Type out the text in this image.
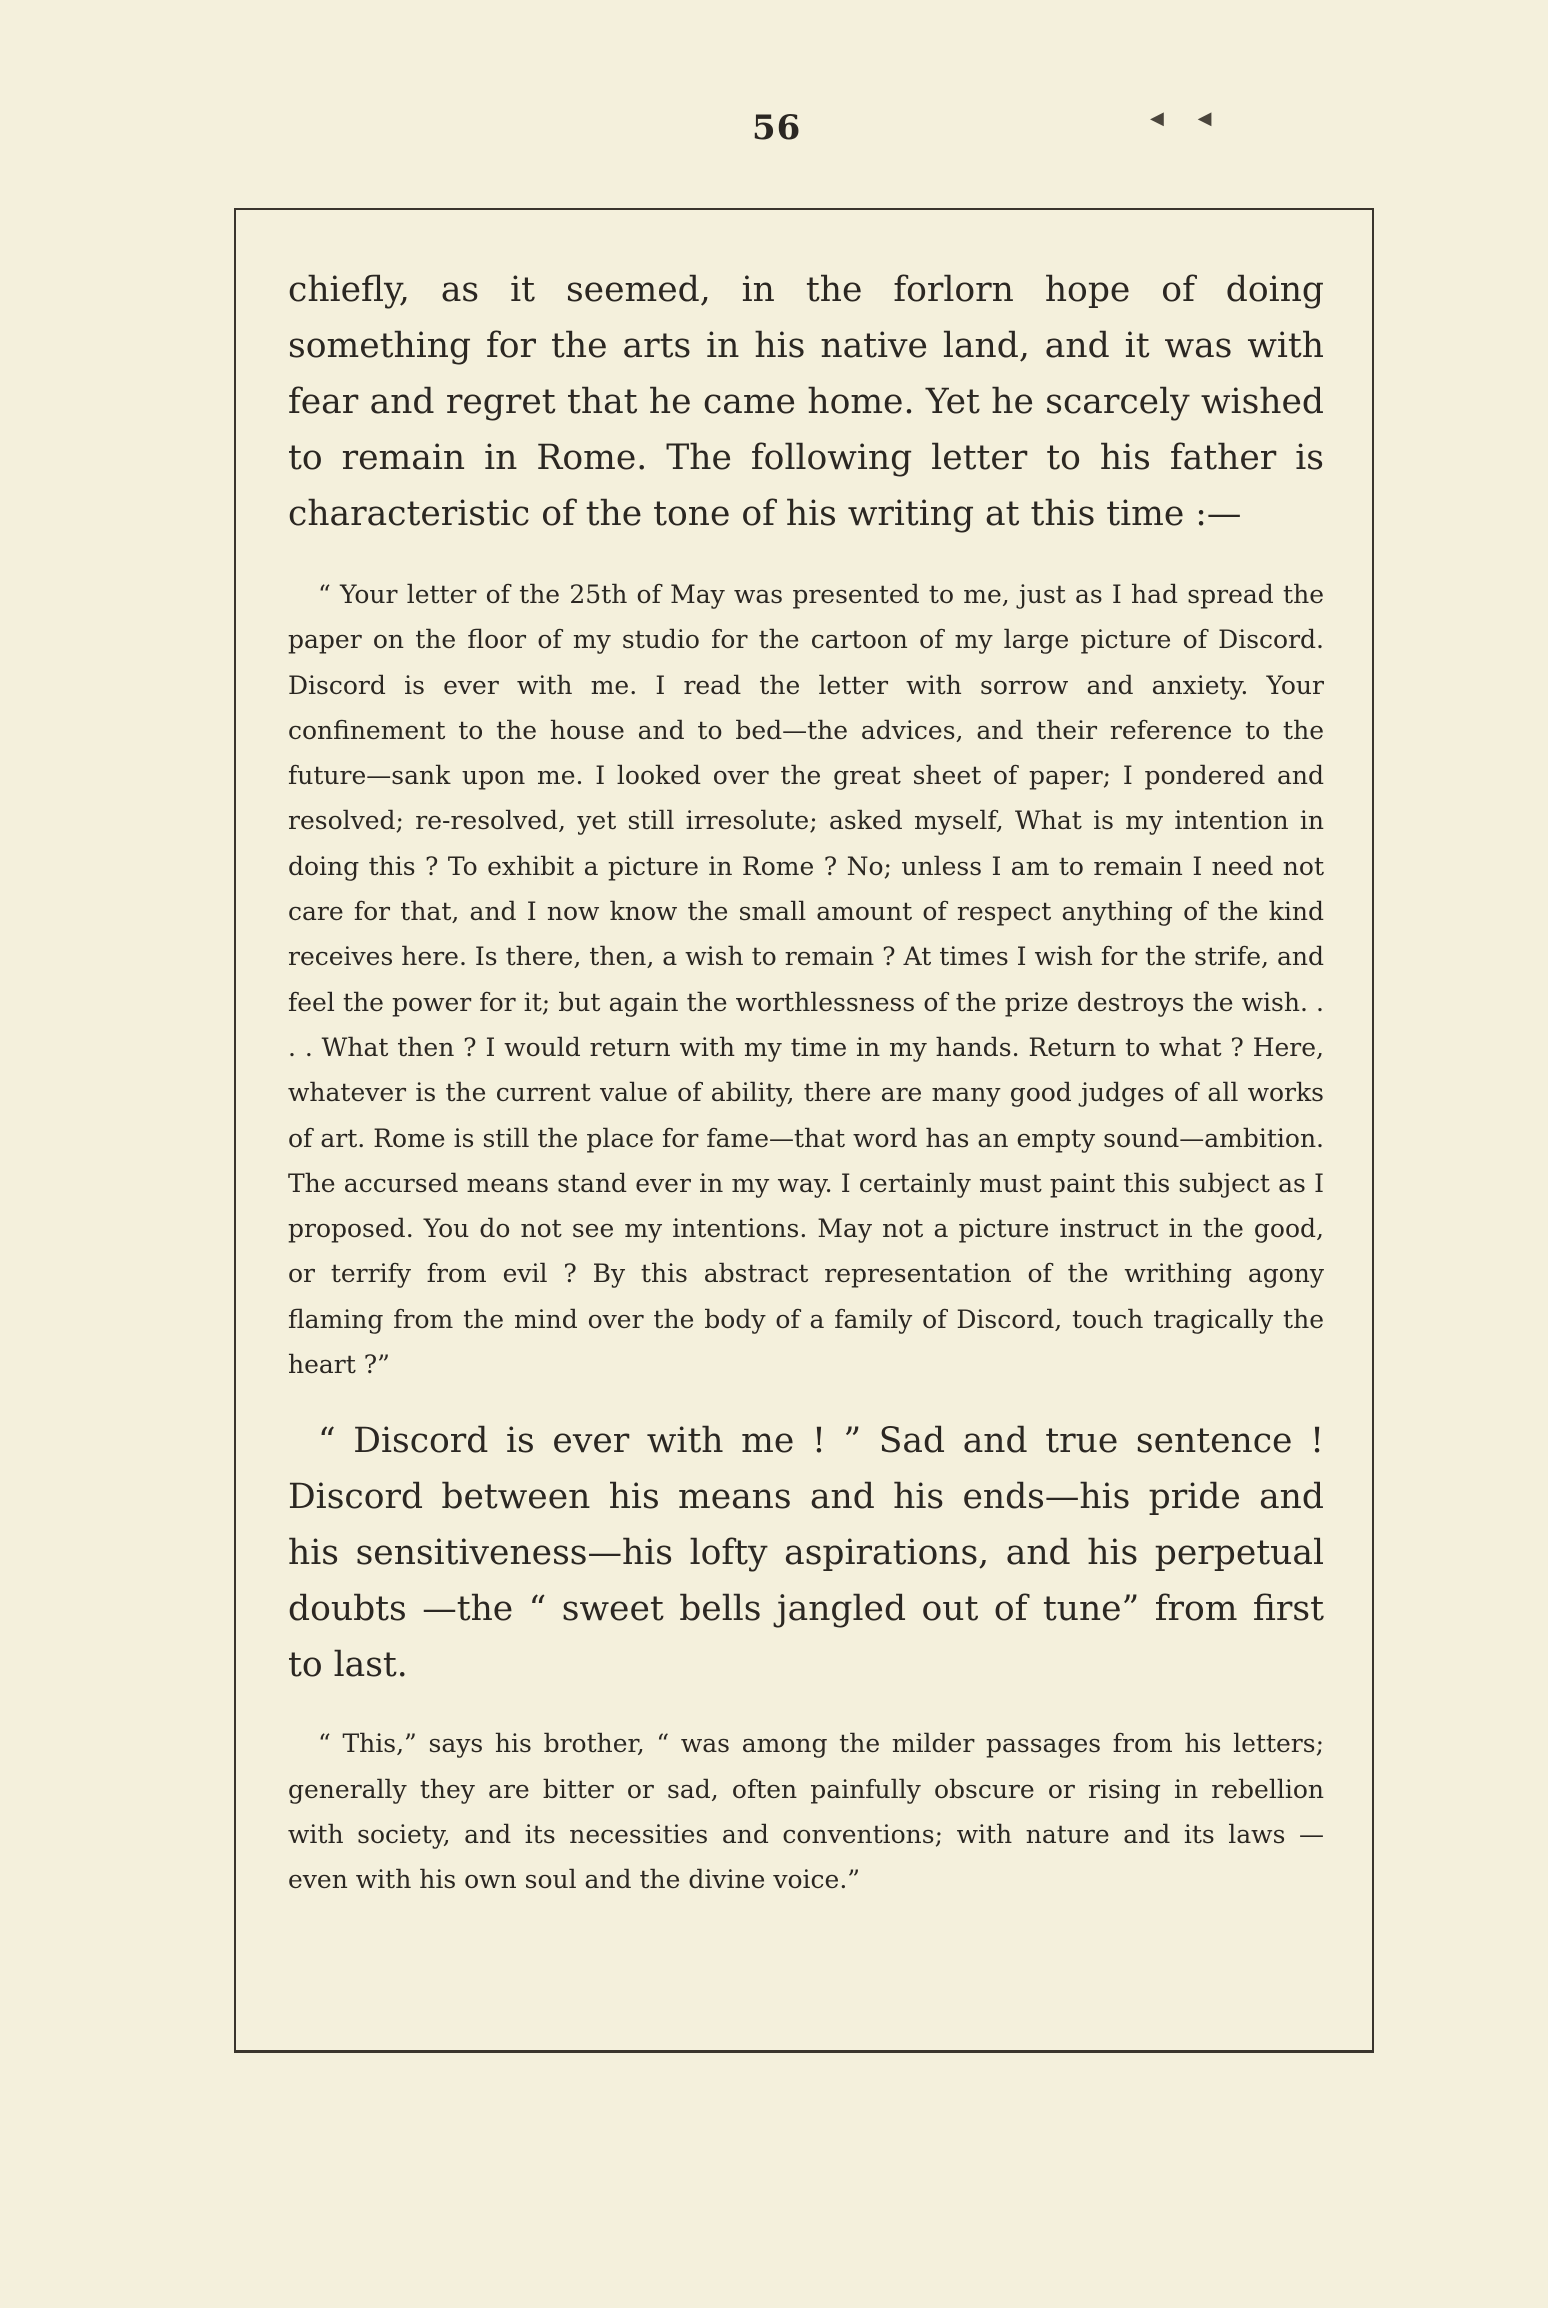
56	◀ ◀

chiefly, as it seemed, in the forlorn hope of doing something for the arts in his native land, and it was with fear and regret that he came home. Yet he scarcely wished to remain in Rome. The following letter to his father is characteristic of the tone of his writing at this time :—

“ Your letter of the 25th of May was presented to me, just as I had spread the paper on the floor of my studio for the cartoon of my large picture of Discord. Discord is ever with me. I read the letter with sorrow and anxiety. Your confinement to the house and to bed—the advices, and their reference to the future—sank upon me. I looked over the great sheet of paper; I pondered and resolved; re-resolved, yet still irresolute; asked myself, What is my intention in doing this ? To exhibit a picture in Rome ? No; unless I am to remain I need not care for that, and I now know the small amount of respect anything of the kind receives here. Is there, then, a wish to remain ? At times I wish for the strife, and feel the power for it; but again the worthlessness of the prize destroys the wish. . . . What then ? I would return with my time in my hands. Return to what ? Here, whatever is the current value of ability, there are many good judges of all works of art. Rome is still the place for fame—that word has an empty sound—ambition. The accursed means stand ever in my way. I certainly must paint this subject as I proposed. You do not see my intentions. May not a picture instruct in the good, or terrify from evil ? By this abstract representation of the writhing agony flaming from the mind over the body of a family of Discord, touch tragically the heart ?”

“ Discord is ever with me ! ” Sad and true sentence ! Discord between his means and his ends—his pride and his sensitiveness—his lofty aspirations, and his perpetual doubts —the “ sweet bells jangled out of tune” from first to last.

“ This,” says his brother, “ was among the milder passages from his letters; generally they are bitter or sad, often painfully obscure or rising in rebellion with society, and its necessities and conventions; with nature and its laws — even with his own soul and the divine voice.”
